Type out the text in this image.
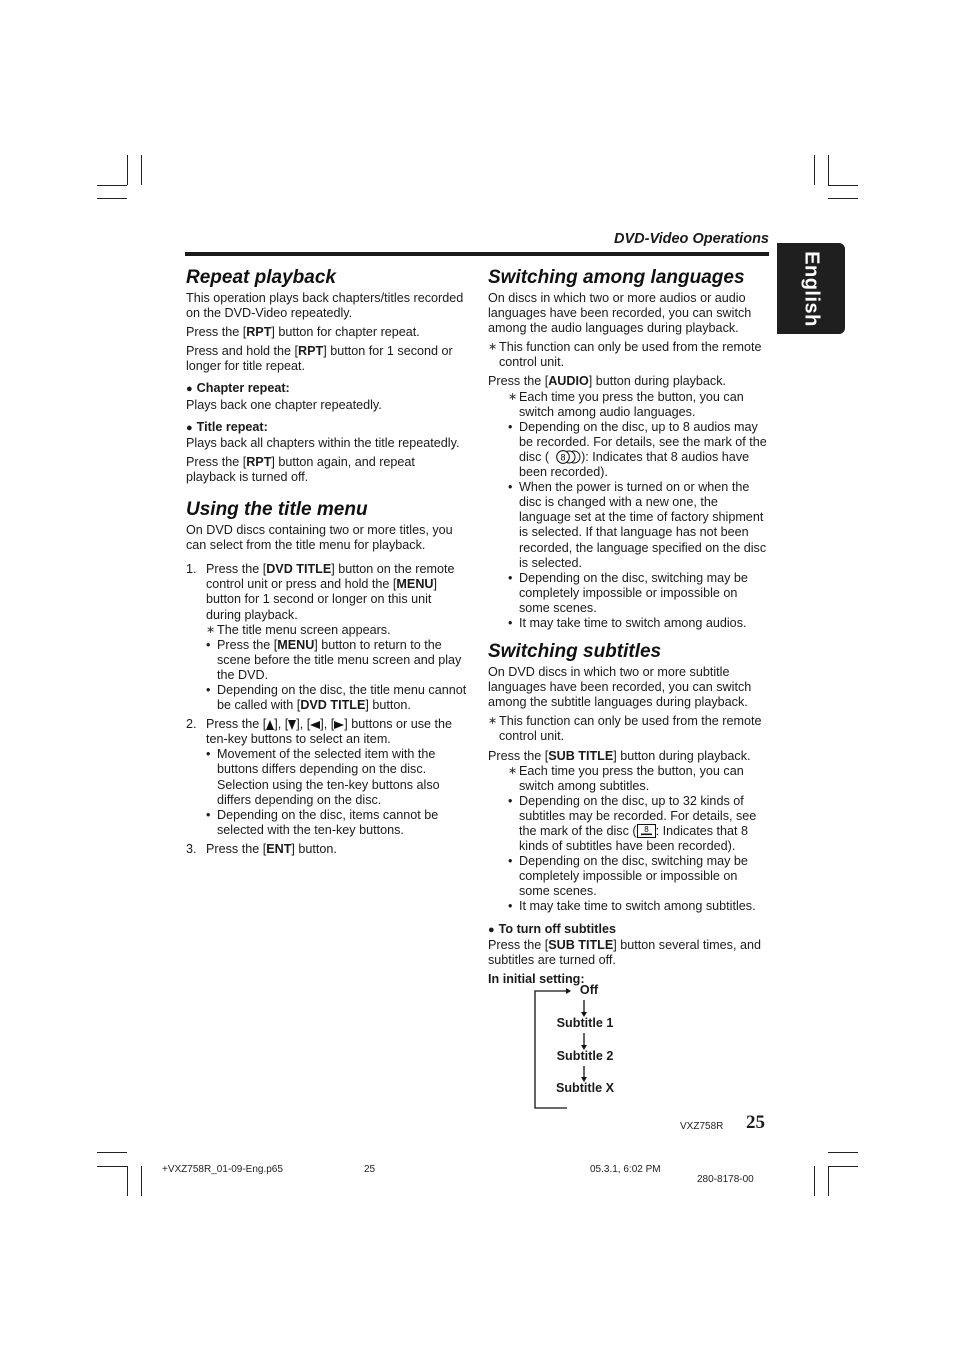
DVD-Video Operations
English
Repeat playback

This operation plays back chapters/titles recorded on the DVD-Video repeatedly.

Press the [RPT] button for chapter repeat.

Press and hold the [RPT] button for 1 second or longer for title repeat.

● Chapter repeat:

Plays back one chapter repeatedly.

● Title repeat:

Plays back all chapters within the title repeatedly.

Press the [RPT] button again, and repeat playback is turned off.

Using the title menu

On DVD discs containing two or more titles, you can select from the title menu for playback.

1. Press the [DVD TITLE] button on the remote control unit or press and hold the [MENU] button for 1 second or longer on this unit during playback.

∗ The title menu screen appears.
• Press the [MENU] button to return to the scene before the title menu screen and play the DVD.
• Depending on the disc, the title menu cannot be called with [DVD TITLE] button.
2. Press the [ ], [ ], [ ], [ ] buttons or use the ten-key buttons to select an item.

• Movement of the selected item with the buttons differs depending on the disc. Selection using the ten-key buttons also differs depending on the disc.
• Depending on the disc, items cannot be selected with the ten-key buttons.
3. Press the [ENT] button.

Switching among languages

On discs in which two or more audios or audio languages have been recorded, you can switch among the audio languages during playback.

∗ This function can only be used from the remote control unit.

Press the [AUDIO] button during playback.

∗ Each time you press the button, you can switch among audio languages.
• Depending on the disc, up to 8 audios may be recorded. For details, see the mark of the disc ( 8 ): Indicates that 8 audios have been recorded).
• When the power is turned on or when the disc is changed with a new one, the language set at the time of factory shipment is selected. If that language has not been recorded, the language specified on the disc is selected.
• Depending on the disc, switching may be completely impossible or impossible on some scenes.
• It may take time to switch among audios.
Switching subtitles

On DVD discs in which two or more subtitle languages have been recorded, you can switch among the subtitle languages during playback.

∗ This function can only be used from the remote control unit.

Press the [SUB TITLE] button during playback.

∗ Each time you press the button, you can switch among subtitles.
• Depending on the disc, up to 32 kinds of subtitles may be recorded. For details, see the mark of the disc ( 8 : Indicates that 8 kinds of subtitles have been recorded).
• Depending on the disc, switching may be completely impossible or impossible on some scenes.
• It may take time to switch among subtitles.
● To turn off subtitles

Press the [SUB TITLE] button several times, and subtitles are turned off.

In initial setting:
Off
Subtitle 1
Subtitle 2
Subtitle X
VXZ758R 25
+VXZ758R_01-09-Eng.p65	25	05.3.1, 6:02 PM
280-8178-00
